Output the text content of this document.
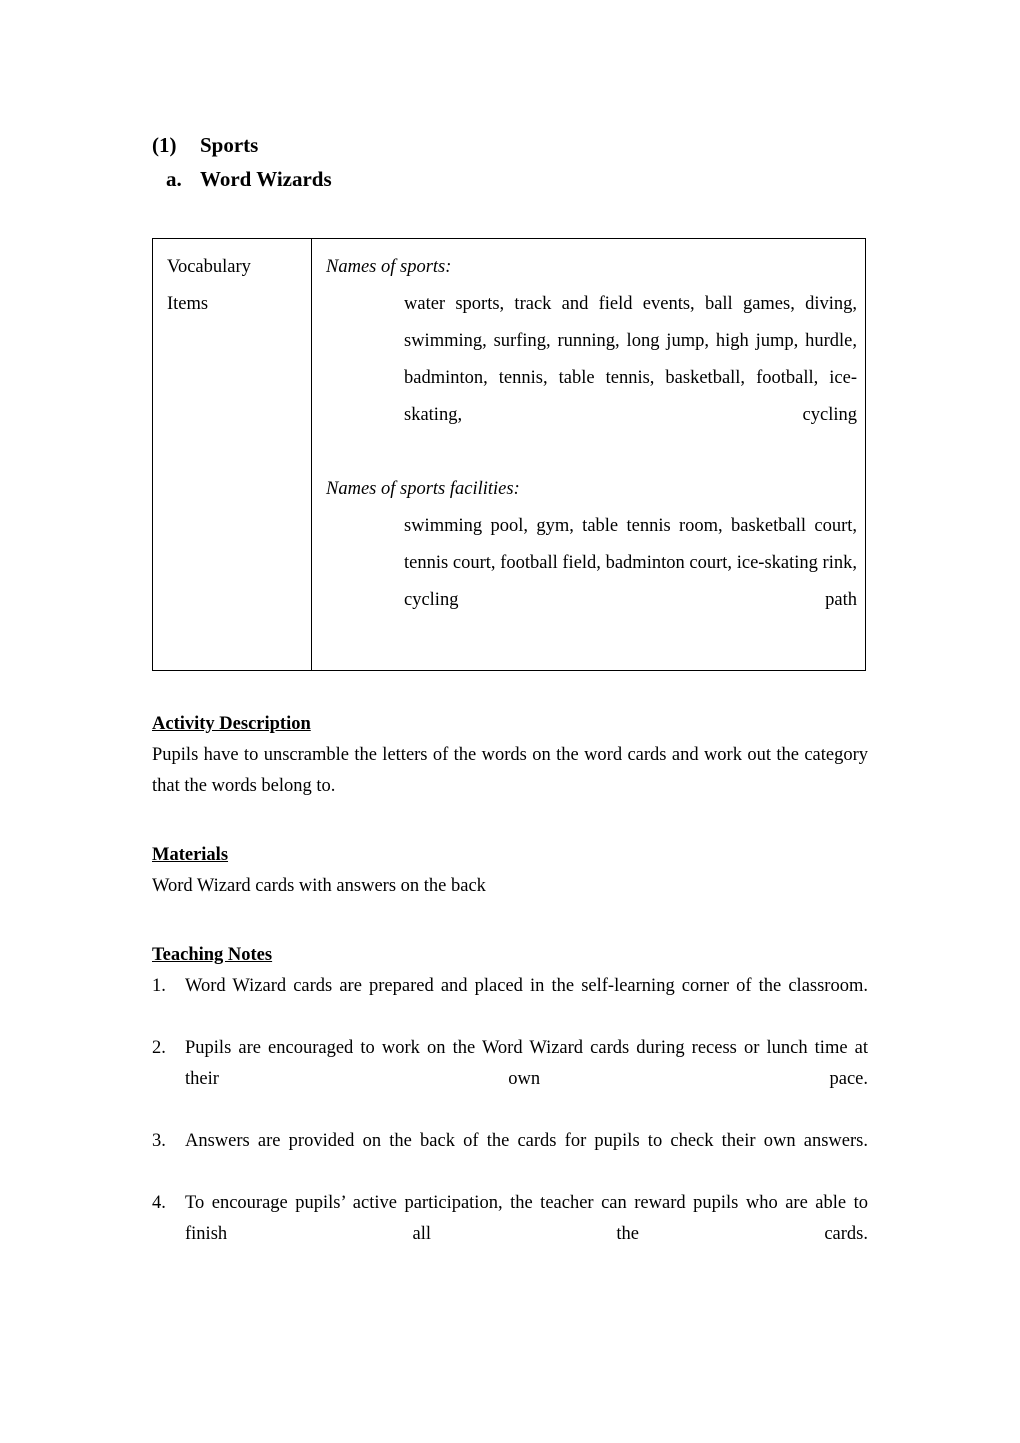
(1)	Sports
a. Word Wizards
Vocabulary
Items

Names of sports:
water sports, track and field events, ball games, diving, swimming, surfing, running, long jump, high jump, hurdle, badminton, tennis, table tennis, basketball, football, ice-skating, cycling
Names of sports facilities:
swimming pool, gym, table tennis room, basketball court, tennis court, football field, badminton court, ice-skating rink, cycling path
Activity Description
Pupils have to unscramble the letters of the words on the word cards and work out the category that the words belong to.
Materials
Word Wizard cards with answers on the back
Teaching Notes
1.	Word Wizard cards are prepared and placed in the self-learning corner of the classroom.
2.	Pupils are encouraged to work on the Word Wizard cards during recess or lunch time at their own pace.
3.	Answers are provided on the back of the cards for pupils to check their own answers.
4.	To encourage pupils’ active participation, the teacher can reward pupils who are able to finish all the cards.
